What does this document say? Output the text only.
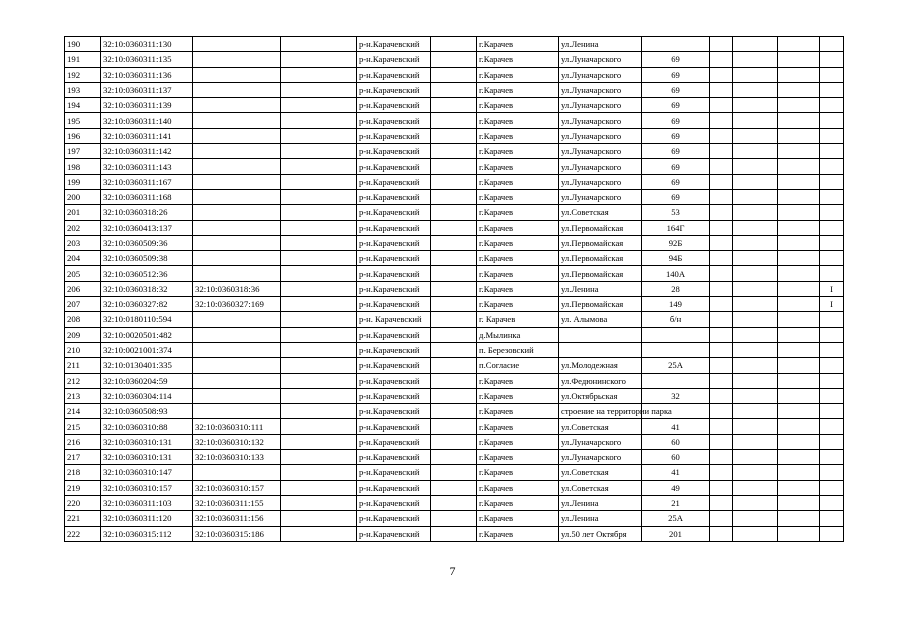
190	32:10:0360311:130			р-н.Карачевский		г.Карачев	ул.Ленина					
191	32:10:0360311:135			р-н.Карачевский		г.Карачев	ул.Луначарского	69				
192	32:10:0360311:136			р-н.Карачевский		г.Карачев	ул.Луначарского	69				
193	32:10:0360311:137			р-н.Карачевский		г.Карачев	ул.Луначарского	69				
194	32:10:0360311:139			р-н.Карачевский		г.Карачев	ул.Луначарского	69				
195	32:10:0360311:140			р-н.Карачевский		г.Карачев	ул.Луначарского	69				
196	32:10:0360311:141			р-н.Карачевский		г.Карачев	ул.Луначарского	69				
197	32:10:0360311:142			р-н.Карачевский		г.Карачев	ул.Луначарского	69				
198	32:10:0360311:143			р-н.Карачевский		г.Карачев	ул.Луначарского	69				
199	32:10:0360311:167			р-н.Карачевский		г.Карачев	ул.Луначарского	69				
200	32:10:0360311:168			р-н.Карачевский		г.Карачев	ул.Луначарского	69				
201	32:10:0360318:26			р-н.Карачевский		г.Карачев	ул.Советская	53				
202	32:10:0360413:137			р-н.Карачевский		г.Карачев	ул.Первомайская	164Г				
203	32:10:0360509:36			р-н.Карачевский		г.Карачев	ул.Первомайская	92Б				
204	32:10:0360509:38			р-н.Карачевский		г.Карачев	ул.Первомайская	94Б				
205	32:10:0360512:36			р-н.Карачевский		г.Карачев	ул.Первомайская	140А				
206	32:10:0360318:32	32:10:0360318:36		р-н.Карачевский		г.Карачев	ул.Ленина	28				I
207	32:10:0360327:82	32:10:0360327:169		р-н.Карачевский		г.Карачев	ул.Первомайская	149				I
208	32:10:0180110:594			р-н. Карачевский		г. Карачев	ул. Алымова	б/н				
209	32:10:0020501:482			р-н.Карачевский		д.Мылинка						
210	32:10:0021001:374			р-н.Карачевский		п. Березовский						
211	32:10:0130401:335			р-н.Карачевский		п.Согласие	ул.Молодежная	25А				
212	32:10:0360204:59			р-н.Карачевский		г.Карачев	ул.Федюнинского					
213	32:10:0360304:114			р-н.Карачевский		г.Карачев	ул.Октябрьская	32				
214	32:10:0360508:93			р-н.Карачевский		г.Карачев	строение на территории парка					
215	32:10:0360310:88	32:10:0360310:111		р-н.Карачевский		г.Карачев	ул.Советская	41				
216	32:10:0360310:131	32:10:0360310:132		р-н.Карачевский		г.Карачев	ул.Луначарского	60				
217	32:10:0360310:131	32:10:0360310:133		р-н.Карачевский		г.Карачев	ул.Луначарского	60				
218	32:10:0360310:147			р-н.Карачевский		г.Карачев	ул.Советская	41				
219	32:10:0360310:157	32:10:0360310:157		р-н.Карачевский		г.Карачев	ул.Советская	49				
220	32:10:0360311:103	32:10:0360311:155		р-н.Карачевский		г.Карачев	ул.Ленина	21				
221	32:10:0360311:120	32:10:0360311:156		р-н.Карачевский		г.Карачев	ул.Ленина	25А				
222	32:10:0360315:112	32:10:0360315:186		р-н.Карачевский		г.Карачев	ул.50 лет Октября	201				
7
